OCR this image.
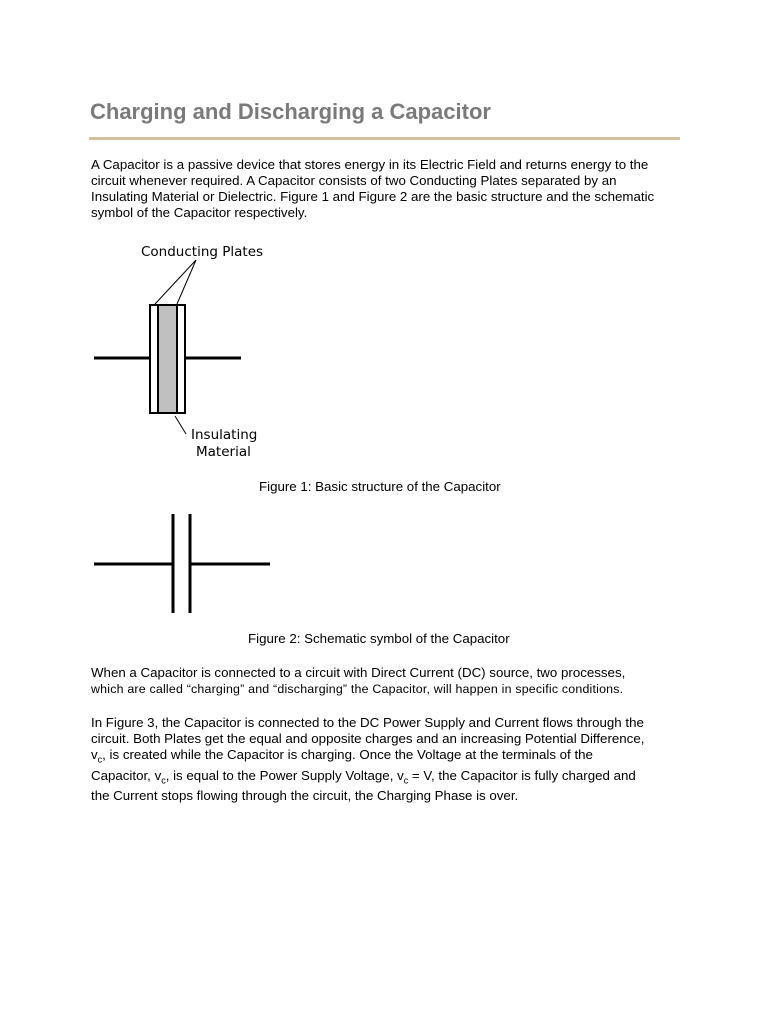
Charging and Discharging a Capacitor

A Capacitor is a passive device that stores energy in its Electric Field and returns energy to the
circuit whenever required. A Capacitor consists of two Conducting Plates separated by an
Insulating Material or Dielectric. Figure 1 and Figure 2 are the basic structure and the schematic
symbol of the Capacitor respectively.

Conducting Plates
Insulating
Material

Figure 1: Basic structure of the Capacitor

Figure 2: Schematic symbol of the Capacitor

When a Capacitor is connected to a circuit with Direct Current (DC) source, two processes,
which are called “charging” and “discharging” the Capacitor, will happen in specific conditions.

In Figure 3, the Capacitor is connected to the DC Power Supply and Current flows through the
circuit. Both Plates get the equal and opposite charges and an increasing Potential Difference,
$v_c$, is created while the Capacitor is charging. Once the Voltage at the terminals of the
Capacitor, $v_c$, is equal to the Power Supply Voltage, $v_c = V$, the Capacitor is fully charged and
the Current stops flowing through the circuit, the Charging Phase is over.
